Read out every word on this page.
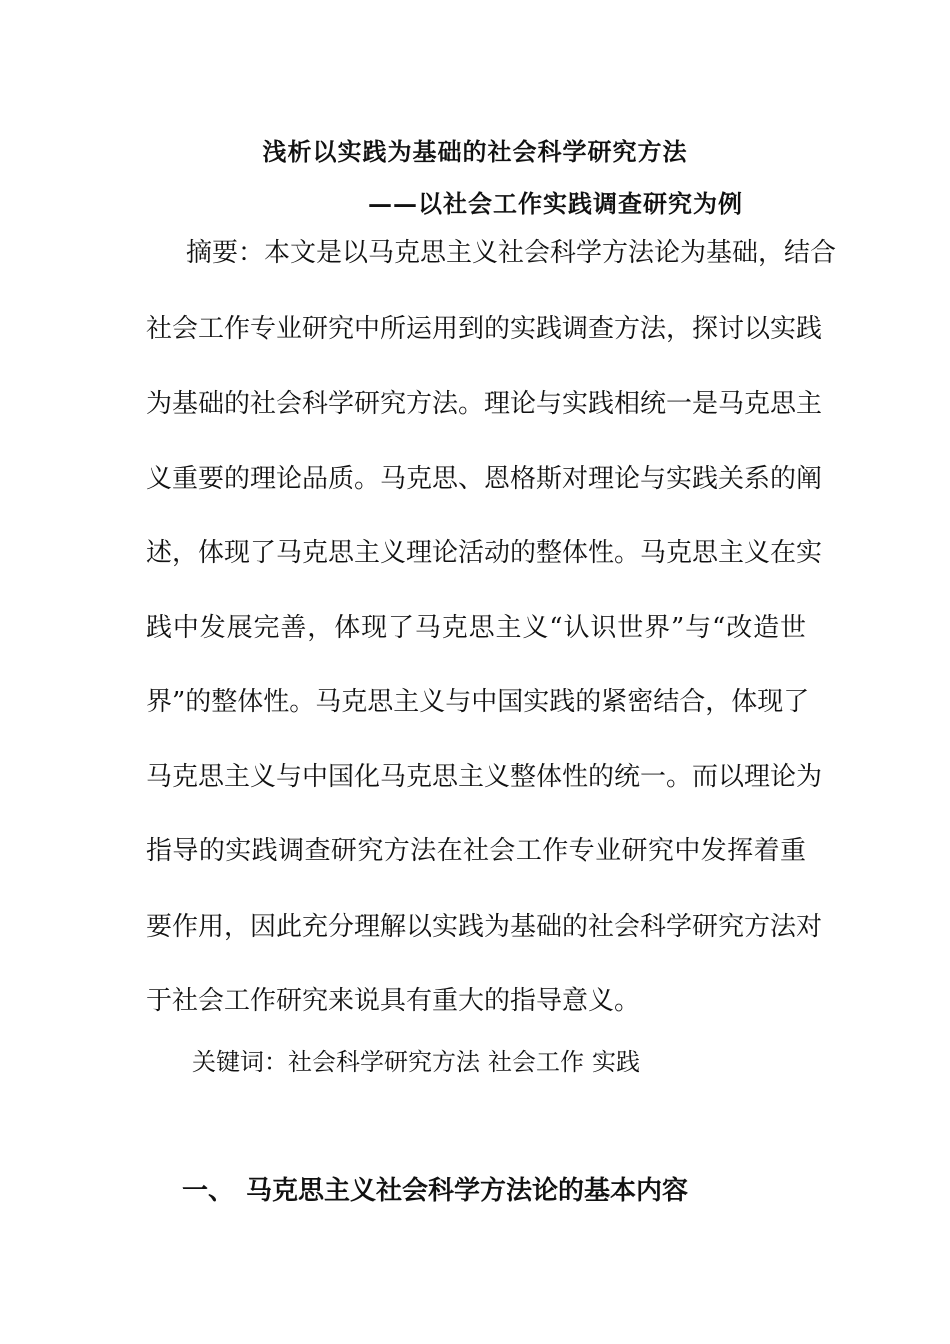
浅析以实践为基础的社会科学研究方法
——以社会工作实践调查研究为例
摘要：本文是以马克思主义社会科学方法论为基础，结合
社会工作专业研究中所运用到的实践调查方法，探讨以实践
为基础的社会科学研究方法。理论与实践相统一是马克思主
义重要的理论品质。马克思、恩格斯对理论与实践关系的阐
述，体现了马克思主义理论活动的整体性。马克思主义在实
践中发展完善，体现了马克思主义“认识世界”与“改造世
界”的整体性。马克思主义与中国实践的紧密结合，体现了
马克思主义与中国化马克思主义整体性的统一。而以理论为
指导的实践调查研究方法在社会工作专业研究中发挥着重
要作用，因此充分理解以实践为基础的社会科学研究方法对
于社会工作研究来说具有重大的指导意义。
关键词：社会科学研究方法 社会工作 实践
一、 马克思主义社会科学方法论的基本内容
